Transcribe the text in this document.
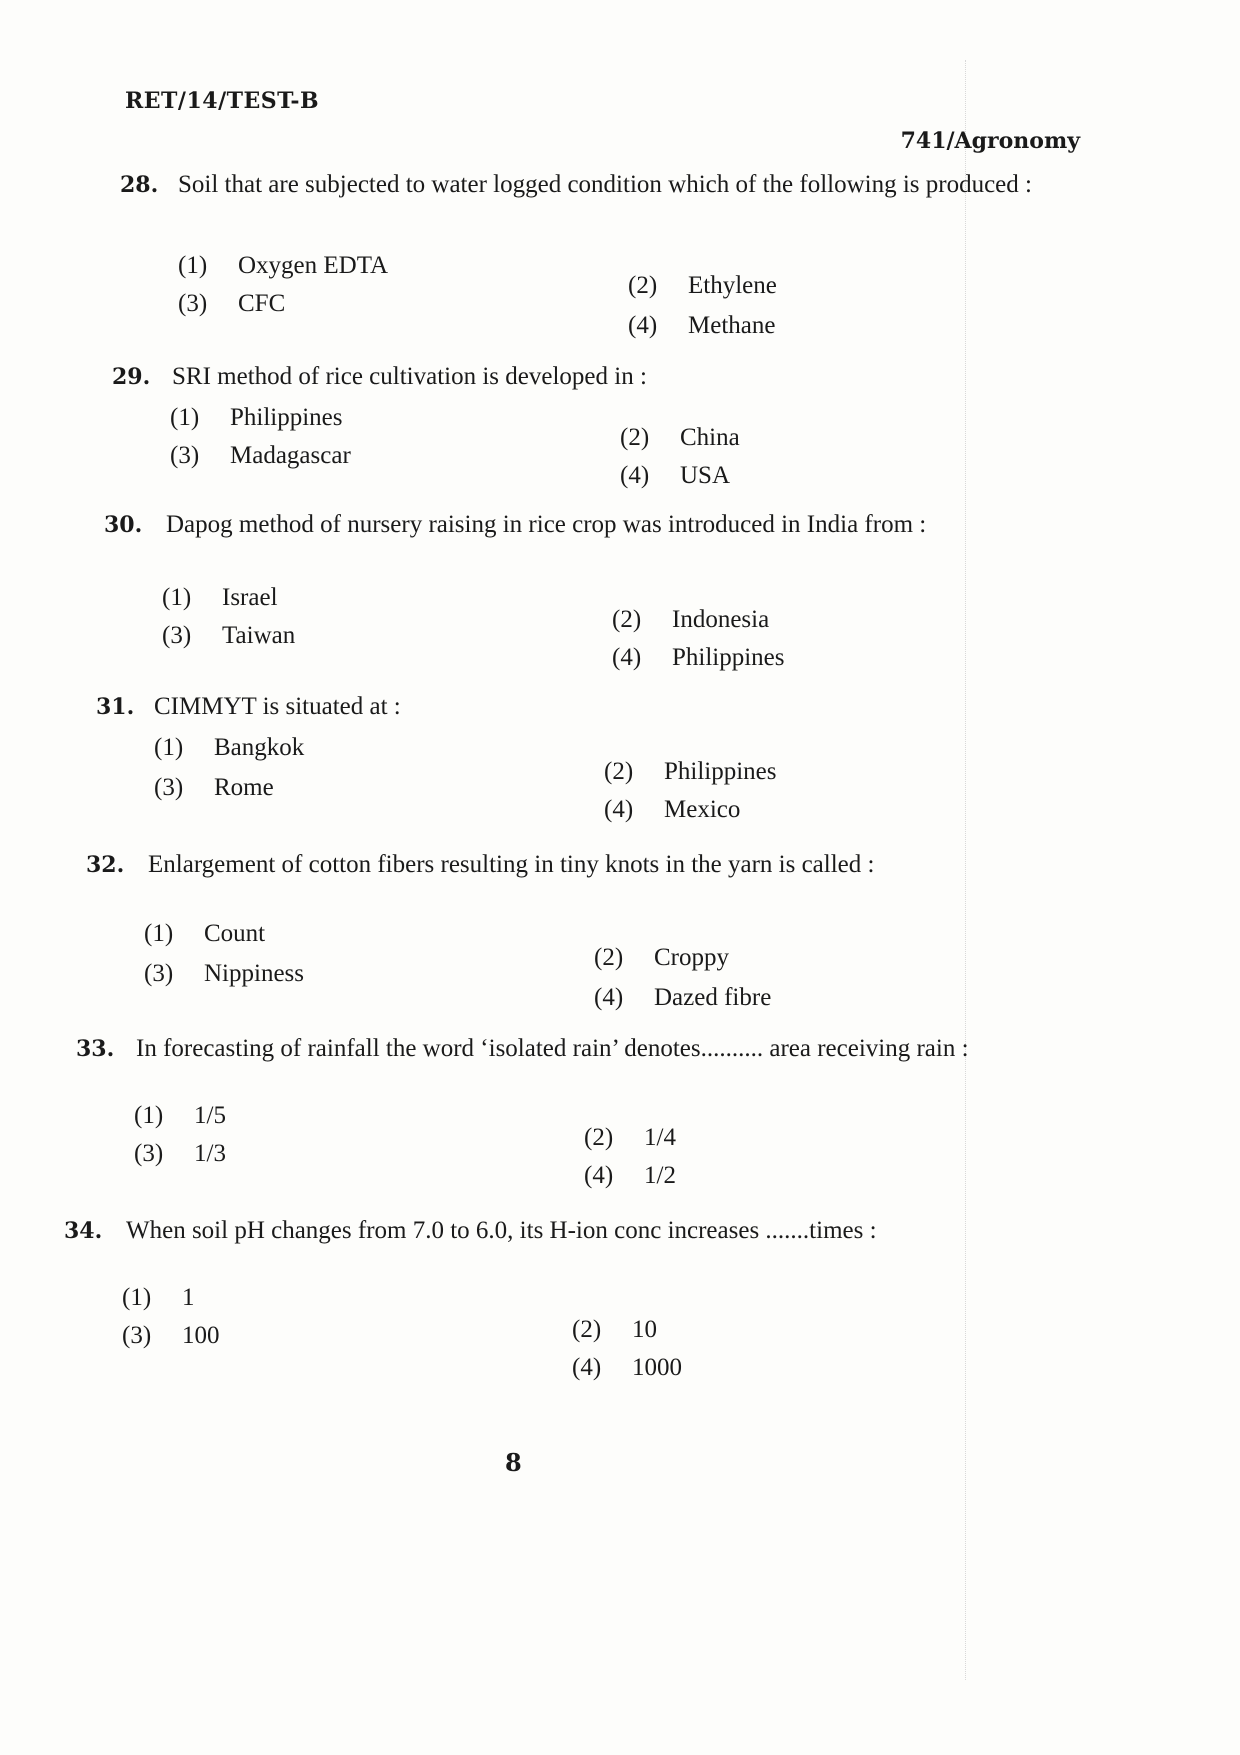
RET/14/TEST-B
741/Agronomy
28. Soil that are subjected to water logged condition which of the following is produced :
(1) Oxygen EDTA
(2) Ethylene
(3) CFC
(4) Methane
29. SRI method of rice cultivation is developed in :
(1) Philippines
(2) China
(3) Madagascar
(4) USA
30. Dapog method of nursery raising in rice crop was introduced in India from :
(1) Israel
(2) Indonesia
(3) Taiwan
(4) Philippines
31. CIMMYT is situated at :
(1) Bangkok
(2) Philippines
(3) Rome
(4) Mexico
32. Enlargement of cotton fibers resulting in tiny knots in the yarn is called :
(1) Count
(2) Croppy
(3) Nippiness
(4) Dazed fibre
33. In forecasting of rainfall the word ‘isolated rain’ denotes.......... area receiving rain :
(1) 1/5
(2) 1/4
(3) 1/3
(4) 1/2
34. When soil pH changes from 7.0 to 6.0, its H-ion conc increases .......times :
(1) 1
(2) 10
(3) 100
(4) 1000
8
